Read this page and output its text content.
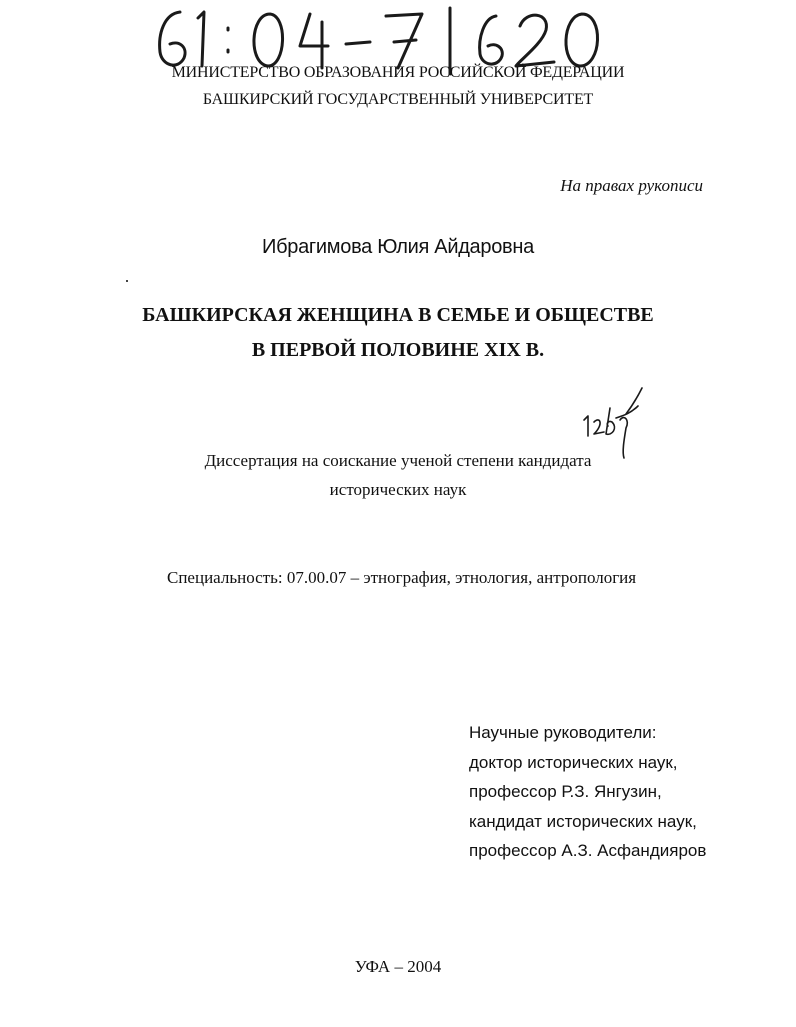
МИНИСТЕРСТВО ОБРАЗОВАНИЯ РОССИЙСКОЙ ФЕДЕРАЦИИ
БАШКИРСКИЙ ГОСУДАРСТВЕННЫЙ УНИВЕРСИТЕТ
На правах рукописи
Ибрагимова Юлия Айдаровна
БАШКИРСКАЯ ЖЕНЩИНА В СЕМЬЕ И ОБЩЕСТВЕ
В ПЕРВОЙ ПОЛОВИНЕ XIX В.
Диссертация на соискание ученой степени кандидата
исторических наук
Специальность: 07.00.07 – этнография, этнология, антропология
Научные руководители:
доктор исторических наук,
профессор Р.З. Янгузин,
кандидат исторических наук,
профессор А.З. Асфандияров
УФА – 2004
